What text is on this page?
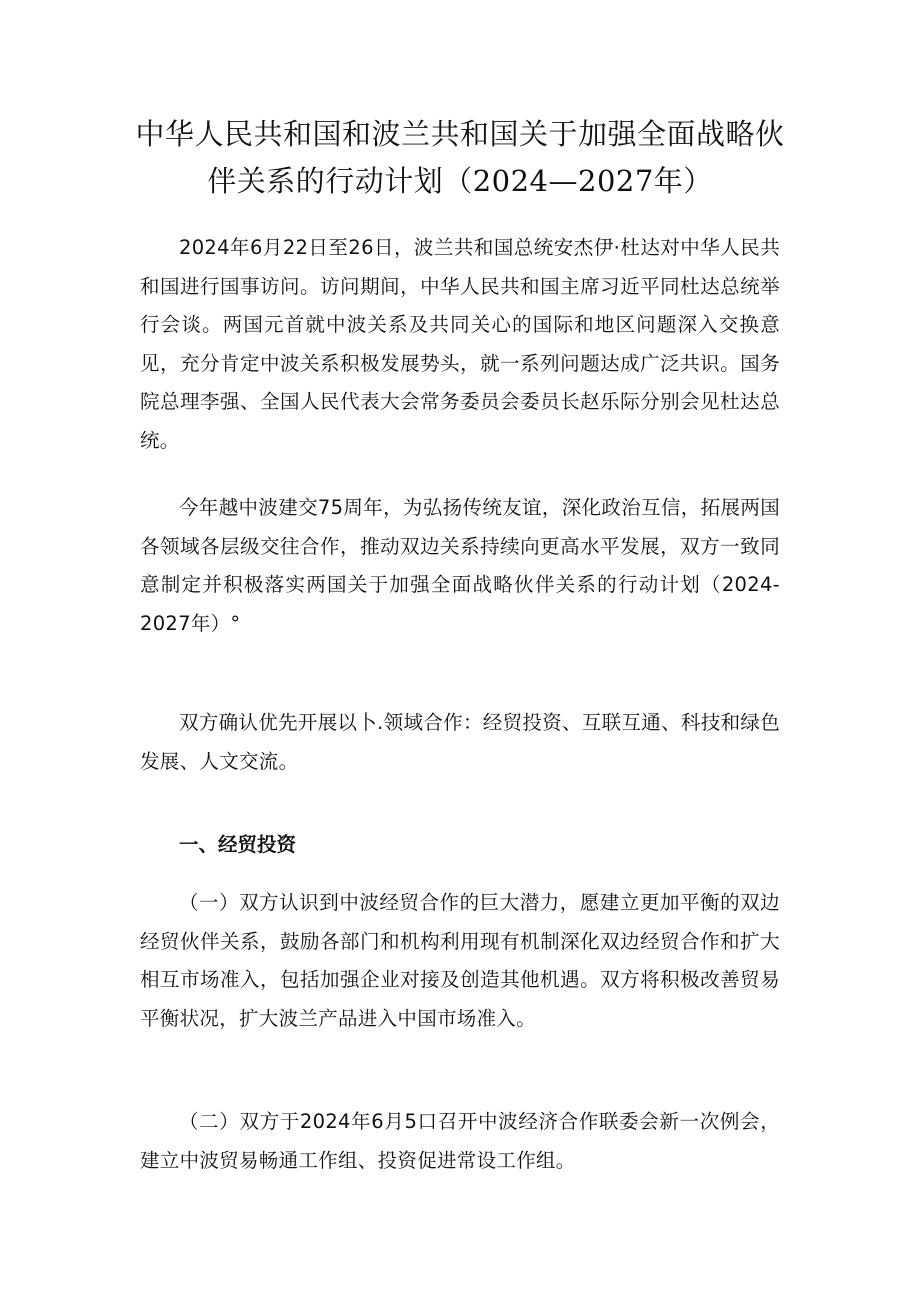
中华人民共和国和波兰共和国关于加强全面战略伙
伴关系的行动计划（2024—2027年）

2024年6月22日至26日，波兰共和国总统安杰伊·杜达对中华人民共和国进行国事访问。访问期间，中华人民共和国主席习近平同杜达总统举行会谈。两国元首就中波关系及共同关心的国际和地区问题深入交换意见，充分肯定中波关系积极发展势头，就一系列问题达成广泛共识。国务院总理李强、全国人民代表大会常务委员会委员长赵乐际分别会见杜达总统。

今年越中波建交75周年，为弘扬传统友谊，深化政治互信，拓展两国各领域各层级交往合作，推动双边关系持续向更高水平发展，双方一致同意制定并积极落实两国关于加强全面战略伙伴关系的行动计划（2024-2027年）°

双方确认优先开展以卜.领域合作：经贸投资、互联互通、科技和绿色发展、人文交流。

一、经贸投资

（一）双方认识到中波经贸合作的巨大潜力，愿建立更加平衡的双边经贸伙伴关系，鼓励各部门和机构利用现有机制深化双边经贸合作和扩大相互市场准入，包括加强企业对接及创造其他机遇。双方将积极改善贸易平衡状况，扩大波兰产品进入中国市场准入。

（二）双方于2024年6月5口召开中波经济合作联委会新一次例会，建立中波贸易畅通工作组、投资促进常设工作组。
